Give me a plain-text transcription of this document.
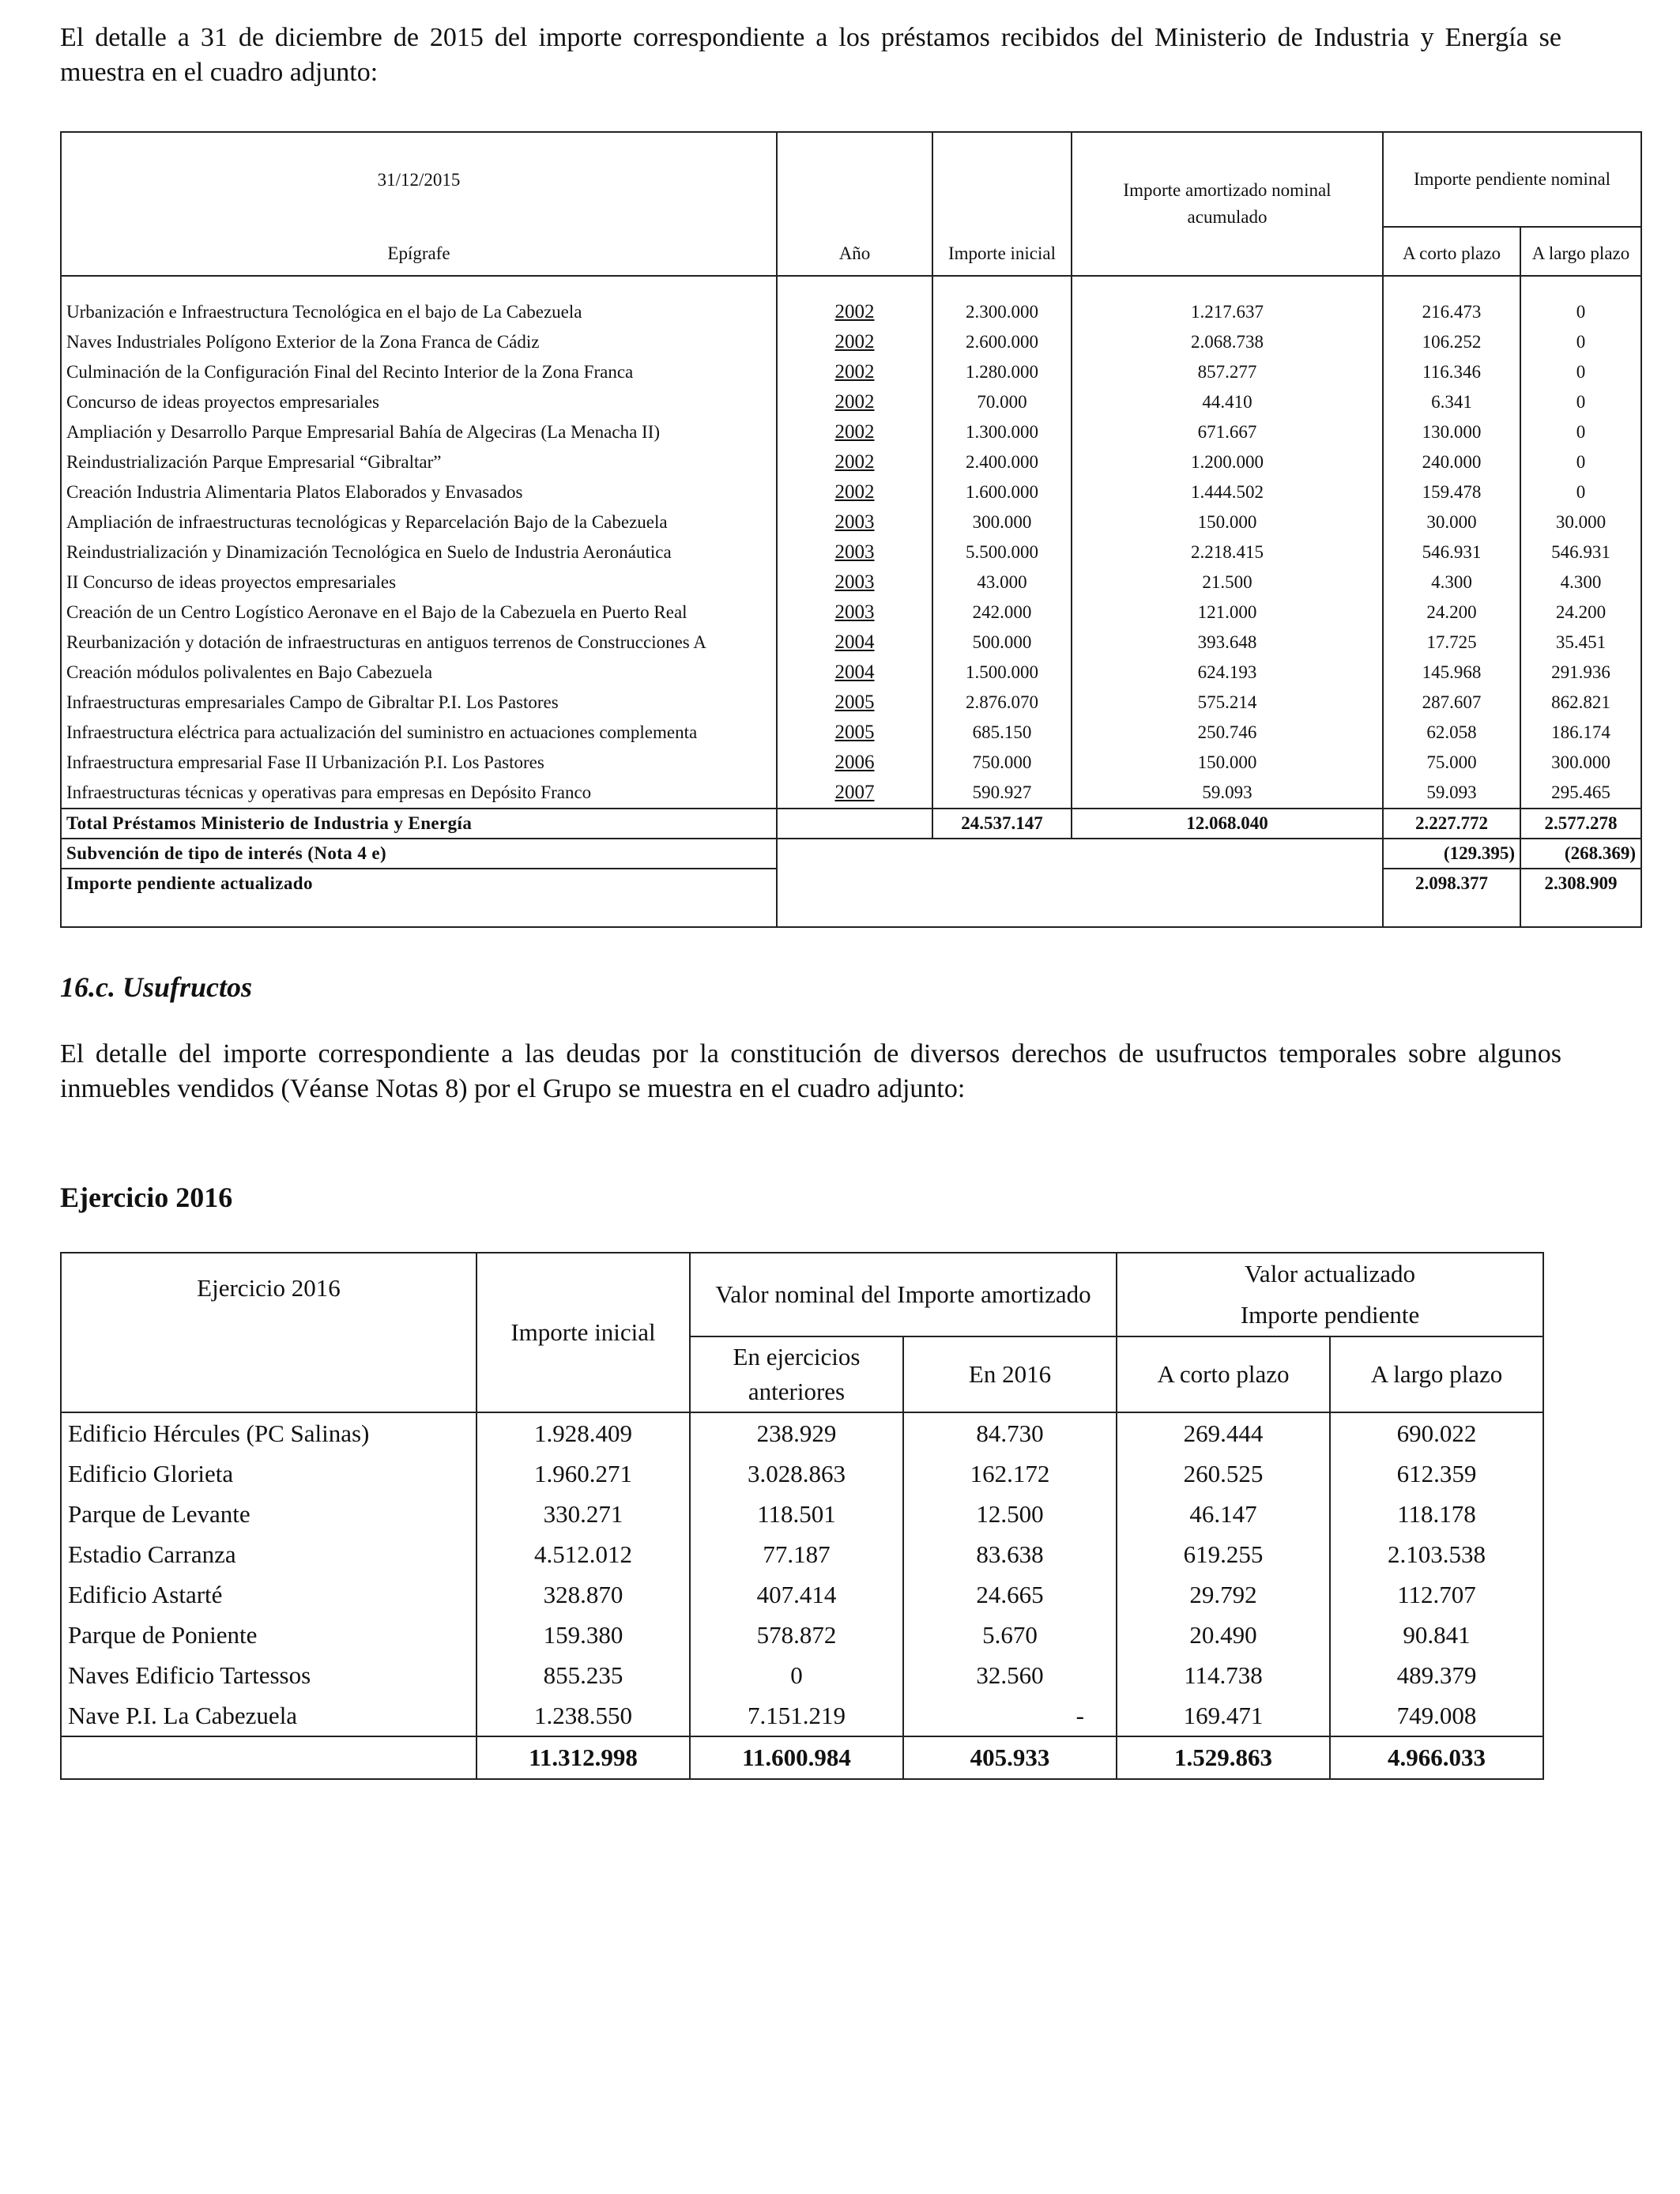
El detalle a 31 de diciembre de 2015 del importe correspondiente a los préstamos recibidos del Ministerio de Industria y Energía se muestra en el cuadro adjunto:

31/12/2015	Año	Importe inicial	Importe amortizado nominal acumulado	Importe pendiente nominal	
Epígrafe				A corto plazo	A largo plazo

Urbanización e Infraestructura Tecnológica en el bajo de La Cabezuela	2002	2.300.000	1.217.637	216.473	0
Naves Industriales Polígono Exterior de la Zona Franca de Cádiz	2002	2.600.000	2.068.738	106.252	0
Culminación de la Configuración Final del Recinto Interior de la Zona Franca	2002	1.280.000	857.277	116.346	0
Concurso de ideas proyectos empresariales	2002	70.000	44.410	6.341	0
Ampliación y Desarrollo Parque Empresarial Bahía de Algeciras (La Menacha II)	2002	1.300.000	671.667	130.000	0
Reindustrialización Parque Empresarial “Gibraltar”	2002	2.400.000	1.200.000	240.000	0
Creación Industria Alimentaria Platos Elaborados y Envasados	2002	1.600.000	1.444.502	159.478	0
Ampliación de infraestructuras tecnológicas y Reparcelación Bajo de la Cabezuela	2003	300.000	150.000	30.000	30.000
Reindustrialización y Dinamización Tecnológica en Suelo de Industria Aeronáutica	2003	5.500.000	2.218.415	546.931	546.931
II Concurso de ideas proyectos empresariales	2003	43.000	21.500	4.300	4.300
Creación de un Centro Logístico Aeronave en el Bajo de la Cabezuela en Puerto Real	2003	242.000	121.000	24.200	24.200
Reurbanización y dotación de infraestructuras en antiguos terrenos de Construcciones A	2004	500.000	393.648	17.725	35.451
Creación módulos polivalentes en Bajo Cabezuela	2004	1.500.000	624.193	145.968	291.936
Infraestructuras empresariales Campo de Gibraltar P.I. Los Pastores	2005	2.876.070	575.214	287.607	862.821
Infraestructura eléctrica para actualización del suministro en actuaciones complementa	2005	685.150	250.746	62.058	186.174
Infraestructura empresarial Fase II Urbanización P.I. Los Pastores	2006	750.000	150.000	75.000	300.000
Infraestructuras técnicas y operativas para empresas en Depósito Franco	2007	590.927	59.093	59.093	295.465
Total Préstamos Ministerio de Industria y Energía		24.537.147	12.068.040	2.227.772	2.577.278
Subvención de tipo de interés (Nota 4 e)				(129.395)	(268.369)
Importe pendiente actualizado				2.098.377	2.308.909
16.c. Usufructos

El detalle del importe correspondiente a las deudas por la constitución de diversos derechos de usufructos temporales sobre algunos inmuebles vendidos (Véanse Notas 8) por el Grupo se muestra en el cuadro adjunto:

Ejercicio 2016
Ejercicio 2016	Importe inicial	Valor nominal del Importe amortizado		Valor actualizado
Importe pendiente	
		En ejercicios anteriores	En 2016	A corto plazo	A largo plazo
Edificio Hércules (PC Salinas)	1.928.409	238.929	84.730	269.444	690.022
Edificio Glorieta	1.960.271	3.028.863	162.172	260.525	612.359
Parque de Levante	330.271	118.501	12.500	46.147	118.178
Estadio Carranza	4.512.012	77.187	83.638	619.255	2.103.538
Edificio Astarté	328.870	407.414	24.665	29.792	112.707
Parque de Poniente	159.380	578.872	5.670	20.490	90.841
Naves Edificio Tartessos	855.235	0	32.560	114.738	489.379
Nave P.I. La Cabezuela	1.238.550	7.151.219	-	169.471	749.008
	11.312.998	11.600.984	405.933	1.529.863	4.966.033
